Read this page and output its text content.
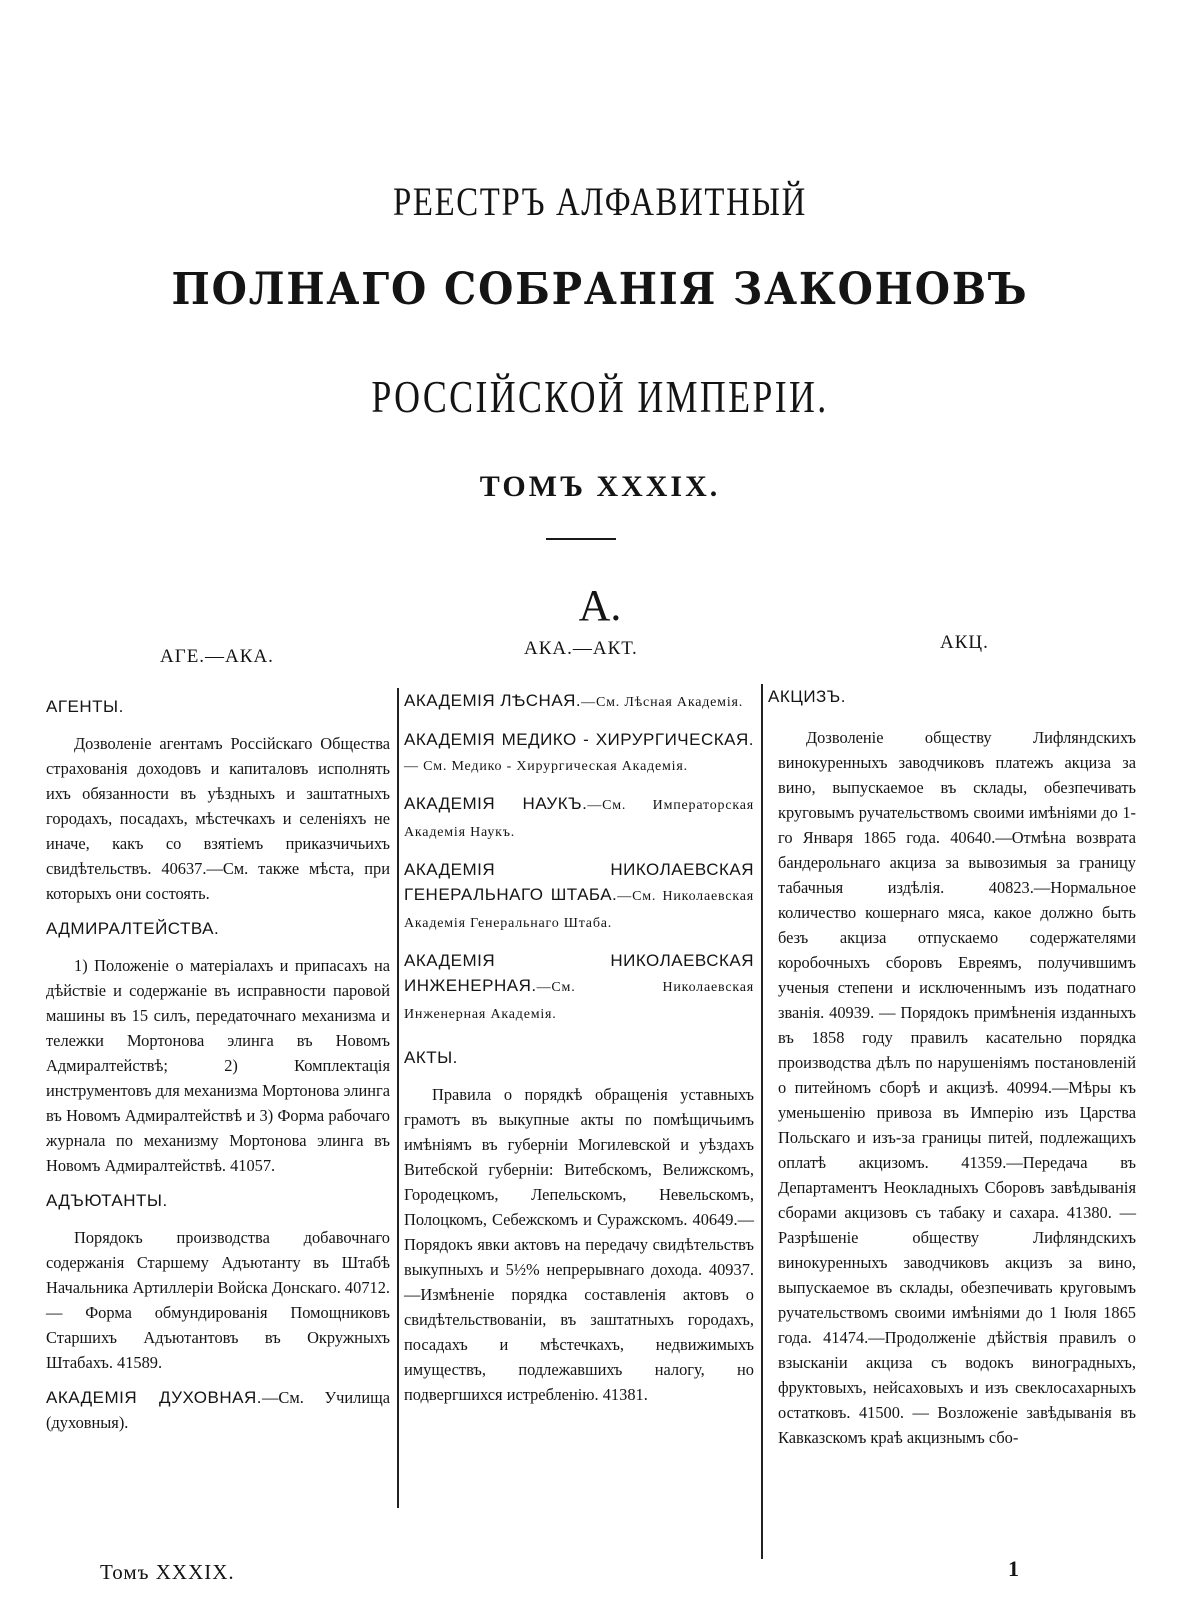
РЕЕСТРЪ АЛФАВИТНЫЙ
ПОЛНАГО СОБРАНІЯ ЗАКОНОВЪ
РОССІЙСКОЙ ИМПЕРІИ.
ТОМЪ XXXIX.
А.
АГЕ.—АКА.	АКА.—АКТ.	АКЦ.

АГЕНТЫ.

Дозволеніе агентамъ Россійскаго Общества страхованія доходовъ и капиталовъ исполнять ихъ обязанности въ уѣздныхъ и заштатныхъ городахъ, посадахъ, мѣстечкахъ и селеніяхъ не иначе, какъ со взятіемъ приказчичьихъ свидѣтельствъ. 40637.—См. также мѣста, при которыхъ они состоять.

АДМИРАЛТЕЙСТВА.

1) Положеніе о матеріалахъ и припасахъ на дѣйствіе и содержаніе въ исправности паровой машины въ 15 силъ, передаточнаго механизма и тележки Мортонова элинга въ Новомъ Адмиралтействѣ; 2) Комплектація инструментовъ для механизма Мортонова элинга въ Новомъ Адмиралтействѣ и 3) Форма рабочаго журнала по механизму Мортонова элинга въ Новомъ Адмиралтействѣ. 41057.

АДЪЮТАНТЫ.

Порядокъ производства добавочнаго содержанія Старшему Адъютанту въ Штабѣ Начальника Артиллеріи Войска Донскаго. 40712. — Форма обмундированія Помощниковъ Старшихъ Адъютантовъ въ Окружныхъ Штабахъ. 41589.

АКАДЕМІЯ ДУХОВНАЯ.—См. Училища (духовныя).

АКАДЕМІЯ ЛѢСНАЯ.—См. Лѣсная Академія.

АКАДЕМІЯ МЕДИКО - ХИРУРГИЧЕСКАЯ.— См. Медико - Хирургическая Академія.

АКАДЕМІЯ НАУКЪ.—См. Императорская Академія Наукъ.

АКАДЕМІЯ НИКОЛАЕВСКАЯ ГЕНЕРАЛЬНАГО ШТАБА.—См. Николаевская Академія Генеральнаго Штаба.

АКАДЕМІЯ НИКОЛАЕВСКАЯ ИНЖЕНЕРНАЯ.—См. Николаевская Инженерная Академія.

АКТЫ.

Правила о порядкѣ обращенія уставныхъ грамотъ въ выкупные акты по помѣщичьимъ имѣніямъ въ губерніи Могилевской и уѣздахъ Витебской губерніи: Витебскомъ, Велижскомъ, Городецкомъ, Лепельскомъ, Невельскомъ, Полоцкомъ, Себежскомъ и Суражскомъ. 40649.—Порядокъ явки актовъ на передачу свидѣтельствъ выкупныхъ и 5½% непрерывнаго дохода. 40937.—Измѣненіе порядка составленія актовъ о свидѣтельствованіи, въ заштатныхъ городахъ, посадахъ и мѣстечкахъ, недвижимыхъ имуществъ, подлежавшихъ налогу, но подвергшихся истребленію. 41381.

АКЦИЗЪ.

Дозволеніе обществу Лифляндскихъ винокуренныхъ заводчиковъ платежъ акциза за вино, выпускаемое въ склады, обезпечивать круговымъ ручательствомъ своими имѣніями до 1-го Января 1865 года. 40640.—Отмѣна возврата бандерольнаго акциза за вывозимыя за границу табачныя издѣлія. 40823.—Нормальное количество кошернаго мяса, какое должно быть безъ акциза отпускаемо содержателями коробочныхъ сборовъ Евреямъ, получившимъ ученыя степени и исключеннымъ изъ податнаго званія. 40939. — Порядокъ примѣненія изданныхъ въ 1858 году правилъ касательно порядка производства дѣлъ по нарушеніямъ постановленій о питейномъ сборѣ и акцизѣ. 40994.—Мѣры къ уменьшенію привоза въ Имперію изъ Царства Польскаго и изъ-за границы питей, подлежащихъ оплатѣ акцизомъ. 41359.—Передача въ Департаментъ Неокладныхъ Сборовъ завѣдыванія сборами акцизовъ съ табаку и сахара. 41380. — Разрѣшеніе обществу Лифляндскихъ винокуренныхъ заводчиковъ акцизъ за вино, выпускаемое въ склады, обезпечивать круговымъ ручательствомъ своими имѣніями до 1 Іюля 1865 года. 41474.—Продолженіе дѣйствія правилъ о взысканіи акциза съ водокъ виноградныхъ, фруктовыхъ, нейсаховыхъ и изъ свеклосахарныхъ остатковъ. 41500. — Возложеніе завѣдыванія въ Кавказскомъ краѣ акцизнымъ сбо-

Томъ XXXIX.	1
